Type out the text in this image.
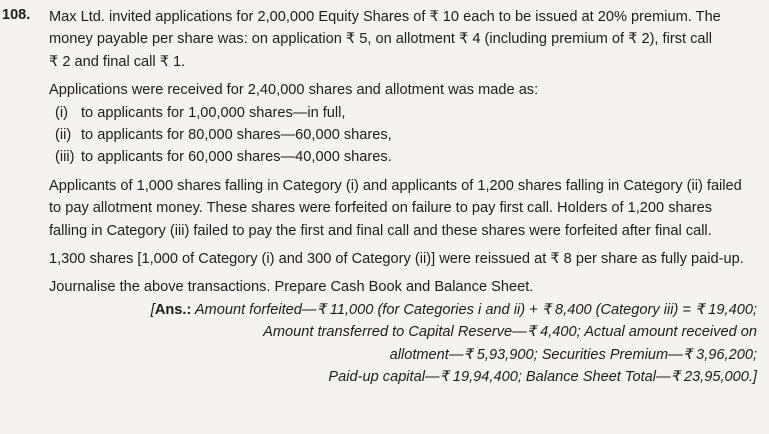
108. Max Ltd. invited applications for 2,00,000 Equity Shares of ₹ 10 each to be issued at 20% premium. The
money payable per share was: on application ₹ 5, on allotment ₹ 4 (including premium of ₹ 2), first call
₹ 2 and final call ₹ 1.
Applications were received for 2,40,000 shares and allotment was made as:
(i) to applicants for 1,00,000 shares—in full,
(ii) to applicants for 80,000 shares—60,000 shares,
(iii) to applicants for 60,000 shares—40,000 shares.
Applicants of 1,000 shares falling in Category (i) and applicants of 1,200 shares falling in Category (ii) failed
to pay allotment money. These shares were forfeited on failure to pay first call. Holders of 1,200 shares
falling in Category (iii) failed to pay the first and final call and these shares were forfeited after final call.
1,300 shares [1,000 of Category (i) and 300 of Category (ii)] were reissued at ₹ 8 per share as fully paid-up.
Journalise the above transactions. Prepare Cash Book and Balance Sheet.
[Ans.: Amount forfeited—₹ 11,000 (for Categories i and ii) + ₹ 8,400 (Category iii) = ₹ 19,400;
Amount transferred to Capital Reserve—₹ 4,400; Actual amount received on
allotment—₹ 5,93,900; Securities Premium—₹ 3,96,200;
Paid-up capital—₹ 19,94,400; Balance Sheet Total—₹ 23,95,000.]
